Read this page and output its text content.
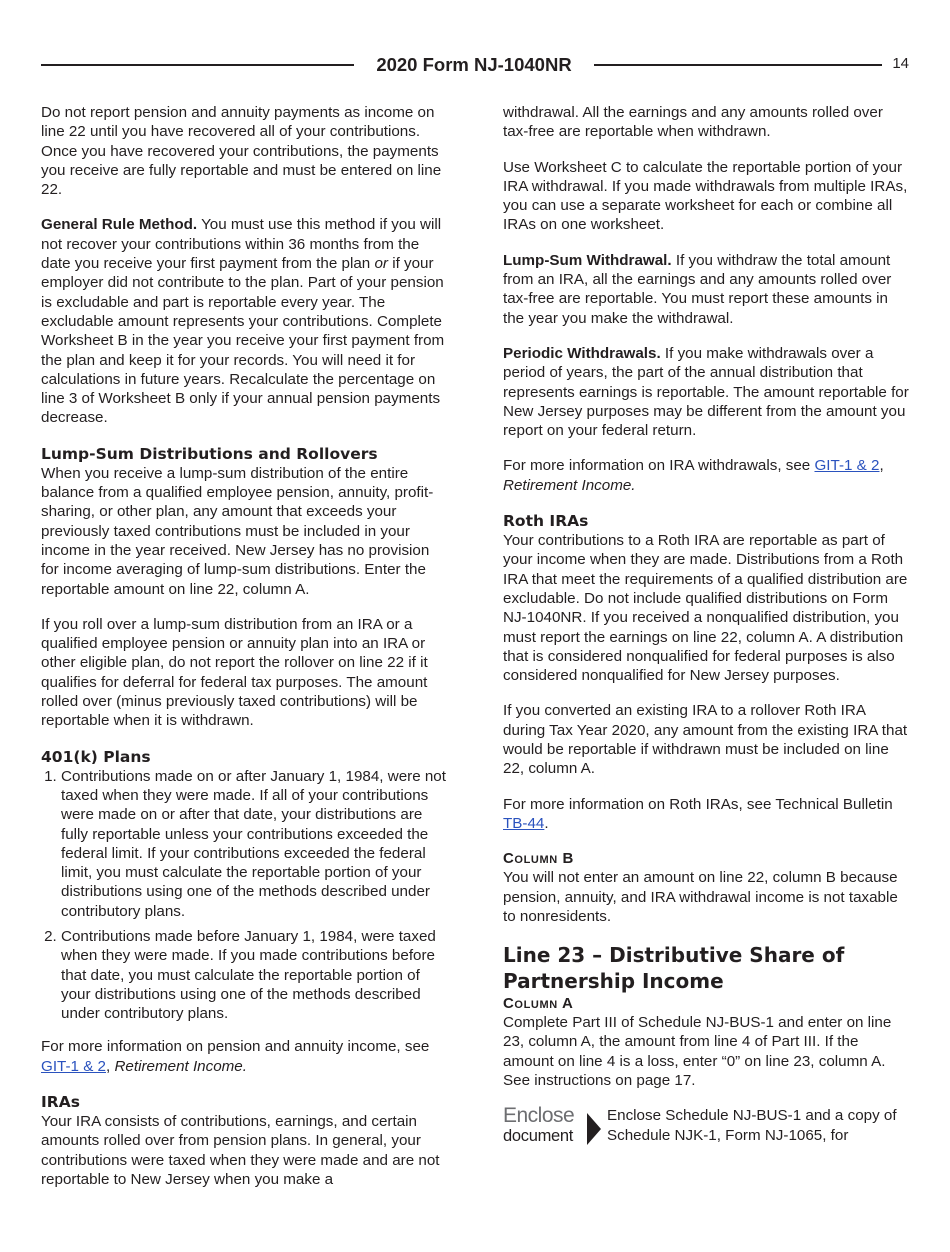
2020 Form NJ-1040NR	14

Do not report pension and annuity payments as income on line 22 until you have recovered all of your contributions. Once you have recovered your contributions, the payments you receive are fully reportable and must be entered on line 22.

General Rule Method. You must use this method if you will not recover your contributions within 36 months from the date you receive your first payment from the plan or if your employer did not contribute to the plan. Part of your pension is excludable and part is reportable every year. The excludable amount represents your contributions. Complete Worksheet B in the year you receive your first payment from the plan and keep it for your records. You will need it for calculations in future years. Recalculate the percentage on line 3 of Worksheet B only if your annual pension payments decrease.

Lump-Sum Distributions and Rollovers

When you receive a lump-sum distribution of the entire balance from a qualified employee pension, annuity, profit-sharing, or other plan, any amount that exceeds your previously taxed contributions must be included in your income in the year received. New Jersey has no provision for income averaging of lump-sum distributions. Enter the reportable amount on line 22, column A.

If you roll over a lump-sum distribution from an IRA or a qualified employee pension or annuity plan into an IRA or other eligible plan, do not report the rollover on line 22 if it qualifies for deferral for federal tax purposes. The amount rolled over (minus previously taxed contributions) will be reportable when it is withdrawn.

401(k) Plans
1. Contributions made on or after January 1, 1984, were not taxed when they were made. If all of your contributions were made on or after that date, your distributions are fully reportable unless your contributions exceeded the federal limit. If your contributions exceeded the federal limit, you must calculate the reportable portion of your distributions using one of the methods described under contributory plans.
2. Contributions made before January 1, 1984, were taxed when they were made. If you made contributions before that date, you must calculate the reportable portion of your distributions using one of the methods described under contributory plans.

For more information on pension and annuity income, see GIT-1 & 2, Retirement Income.

IRAs

Your IRA consists of contributions, earnings, and certain amounts rolled over from pension plans. In general, your contributions were taxed when they were made and are not reportable to New Jersey when you make a

withdrawal. All the earnings and any amounts rolled over tax-free are reportable when withdrawn.

Use Worksheet C to calculate the reportable portion of your IRA withdrawal. If you made withdrawals from multiple IRAs, you can use a separate worksheet for each or combine all IRAs on one worksheet.

Lump-Sum Withdrawal. If you withdraw the total amount from an IRA, all the earnings and any amounts rolled over tax-free are reportable. You must report these amounts in the year you make the withdrawal.

Periodic Withdrawals. If you make withdrawals over a period of years, the part of the annual distribution that represents earnings is reportable. The amount reportable for New Jersey purposes may be different from the amount you report on your federal return.

For more information on IRA withdrawals, see GIT-1 & 2, Retirement Income.

Roth IRAs

Your contributions to a Roth IRA are reportable as part of your income when they are made. Distributions from a Roth IRA that meet the requirements of a qualified distribution are excludable. Do not include qualified distributions on Form NJ-1040NR. If you received a nonqualified distribution, you must report the earnings on line 22, column A. A distribution that is considered nonqualified for federal purposes is also considered nonqualified for New Jersey purposes.

If you converted an existing IRA to a rollover Roth IRA during Tax Year 2020, any amount from the existing IRA that would be reportable if withdrawn must be included on line 22, column A.

For more information on Roth IRAs, see Technical Bulletin TB-44.

Column B

You will not enter an amount on line 22, column B because pension, annuity, and IRA withdrawal income is not taxable to nonresidents.

Line 23 – Distributive Share of Partnership Income
Column A

Complete Part III of Schedule NJ-BUS-1 and enter on line 23, column A, the amount from line 4 of Part III. If the amount on line 4 is a loss, enter “0” on line 23, column A. See instructions on page 17.

Enclose
document
Enclose Schedule NJ-BUS-1 and a copy of Schedule NJK-1, Form NJ-1065, for
